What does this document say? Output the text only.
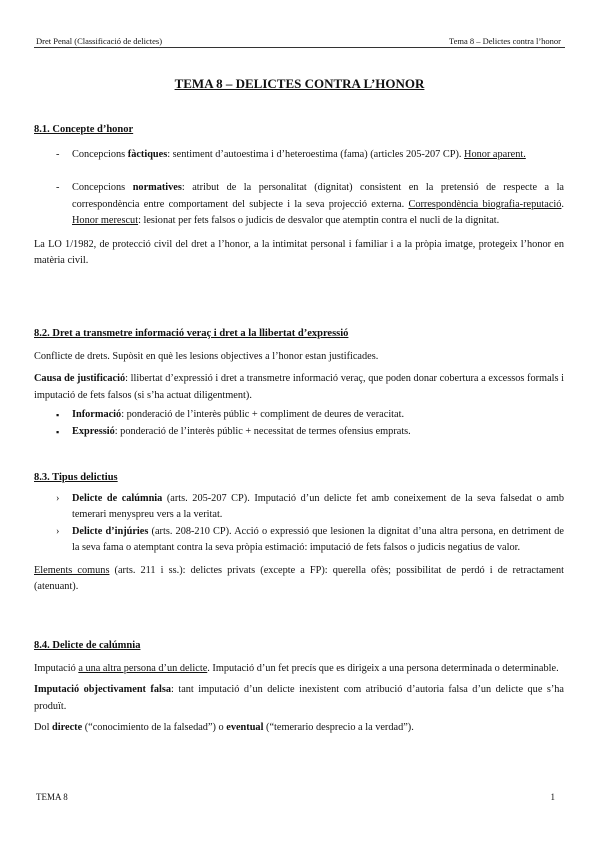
Dret Penal (Classificació de delictes)	Tema 8 – Delictes contra l’honor
TEMA 8 – DELICTES CONTRA L’HONOR
8.1. Concepte d’honor
- Concepcions fàctiques: sentiment d’autoestima i d’heteroestima (fama) (articles 205-207 CP). Honor aparent.
- Concepcions normatives: atribut de la personalitat (dignitat) consistent en la pretensió de respecte a la correspondència entre comportament del subjecte i la seva projecció externa. Correspondència biografia-reputació. Honor merescut: lesionat per fets falsos o judicis de desvalor que atemptin contra el nucli de la dignitat.
La LO 1/1982, de protecció civil del dret a l’honor, a la intimitat personal i familiar i a la pròpia imatge, protegeix l’honor en matèria civil.
8.2. Dret a transmetre informació veraç i dret a la llibertat d’expressió
Conflicte de drets. Supòsit en què les lesions objectives a l’honor estan justificades.
Causa de justificació: llibertat d’expressió i dret a transmetre informació veraç, que poden donar cobertura a excessos formals i imputació de fets falsos (si s’ha actuat diligentment).
▪ Informació: ponderació de l’interès públic + compliment de deures de veracitat.
▪ Expressió: ponderació de l’interès públic + necessitat de termes ofensius emprats.
8.3. Tipus delictius
› Delicte de calúmnia (arts. 205-207 CP). Imputació d’un delicte fet amb coneixement de la seva falsedat o amb temerari menyspreu vers a la veritat.
› Delicte d’injúries (arts. 208-210 CP). Acció o expressió que lesionen la dignitat d’una altra persona, en detriment de la seva fama o atemptant contra la seva pròpia estimació: imputació de fets falsos o judicis negatius de valor.
Elements comuns (arts. 211 i ss.): delictes privats (excepte a FP): querella ofès; possibilitat de perdó i de retractament (atenuant).
8.4. Delicte de calúmnia
Imputació a una altra persona d’un delicte. Imputació d’un fet precís que es dirigeix a una persona determinada o determinable.
Imputació objectivament falsa: tant imputació d’un delicte inexistent com atribució d’autoria falsa d’un delicte que s’ha produït.
Dol directe (“conocimiento de la falsedad”) o eventual (“temerario desprecio a la verdad”).
TEMA 8	1
